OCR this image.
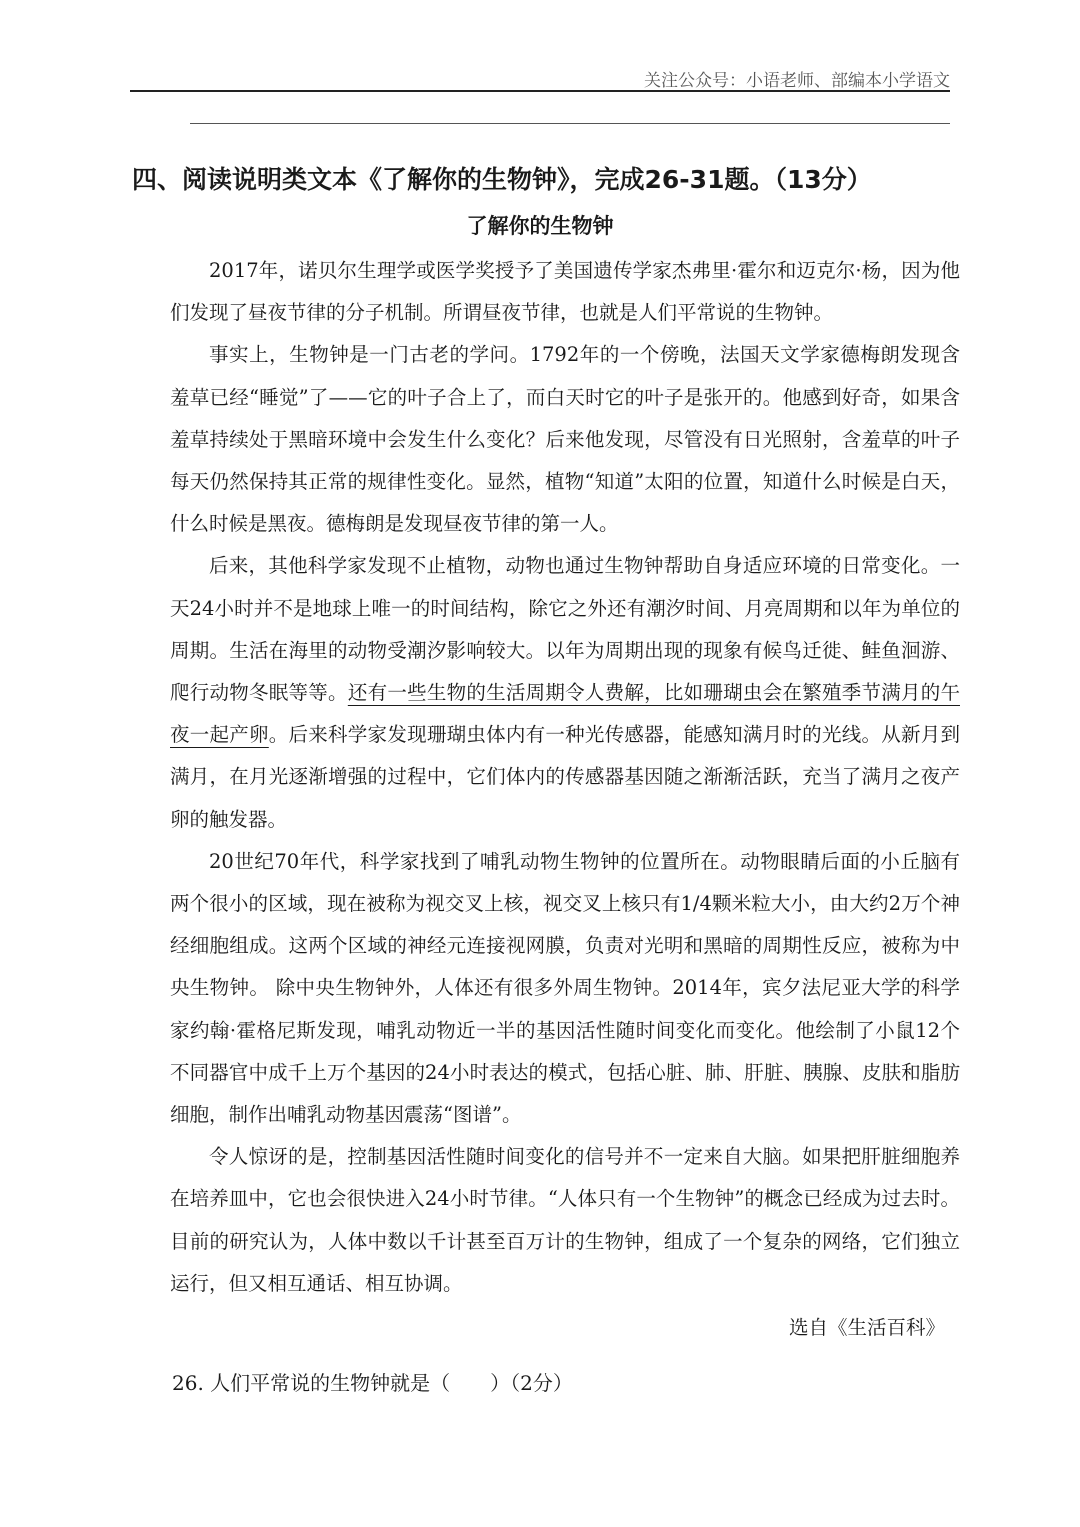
关注公众号：小语老师、部编本小学语文
四、阅读说明类文本《了解你的生物钟》，完成26-31题。（13分）
了解你的生物钟

2017年，诺贝尔生理学或医学奖授予了美国遗传学家杰弗里·霍尔和迈克尔·杨，因为他们发现了昼夜节律的分子机制。所谓昼夜节律，也就是人们平常说的生物钟。

事实上，生物钟是一门古老的学问。1792年的一个傍晚，法国天文学家德梅朗发现含羞草已经“睡觉”了——它的叶子合上了，而白天时它的叶子是张开的。他感到好奇，如果含羞草持续处于黑暗环境中会发生什么变化？后来他发现，尽管没有日光照射，含羞草的叶子每天仍然保持其正常的规律性变化。显然，植物“知道”太阳的位置，知道什么时候是白天，什么时候是黑夜。德梅朗是发现昼夜节律的第一人。

后来，其他科学家发现不止植物，动物也通过生物钟帮助自身适应环境的日常变化。一天24小时并不是地球上唯一的时间结构，除它之外还有潮汐时间、月亮周期和以年为单位的周期。生活在海里的动物受潮汐影响较大。以年为周期出现的现象有候鸟迁徙、鲑鱼洄游、爬行动物冬眠等等。还有一些生物的生活周期令人费解，比如珊瑚虫会在繁殖季节满月的午夜一起产卵。后来科学家发现珊瑚虫体内有一种光传感器，能感知满月时的光线。从新月到满月，在月光逐渐增强的过程中，它们体内的传感器基因随之渐渐活跃，充当了满月之夜产卵的触发器。

20世纪70年代，科学家找到了哺乳动物生物钟的位置所在。动物眼睛后面的小丘脑有两个很小的区域，现在被称为视交叉上核，视交叉上核只有1/4颗米粒大小，由大约2万个神经细胞组成。这两个区域的神经元连接视网膜，负责对光明和黑暗的周期性反应，被称为中央生物钟。 除中央生物钟外，人体还有很多外周生物钟。2014年，宾夕法尼亚大学的科学家约翰·霍格尼斯发现，哺乳动物近一半的基因活性随时间变化而变化。他绘制了小鼠12个不同器官中成千上万个基因的24小时表达的模式，包括心脏、肺、肝脏、胰腺、皮肤和脂肪细胞，制作出哺乳动物基因震荡“图谱”。

令人惊讶的是，控制基因活性随时间变化的信号并不一定来自大脑。如果把肝脏细胞养在培养皿中，它也会很快进入24小时节律。“人体只有一个生物钟”的概念已经成为过去时。目前的研究认为，人体中数以千计甚至百万计的生物钟，组成了一个复杂的网络，它们独立运行，但又相互通话、相互协调。

选自《生活百科》
26. 人们平常说的生物钟就是（　　）（2分）
